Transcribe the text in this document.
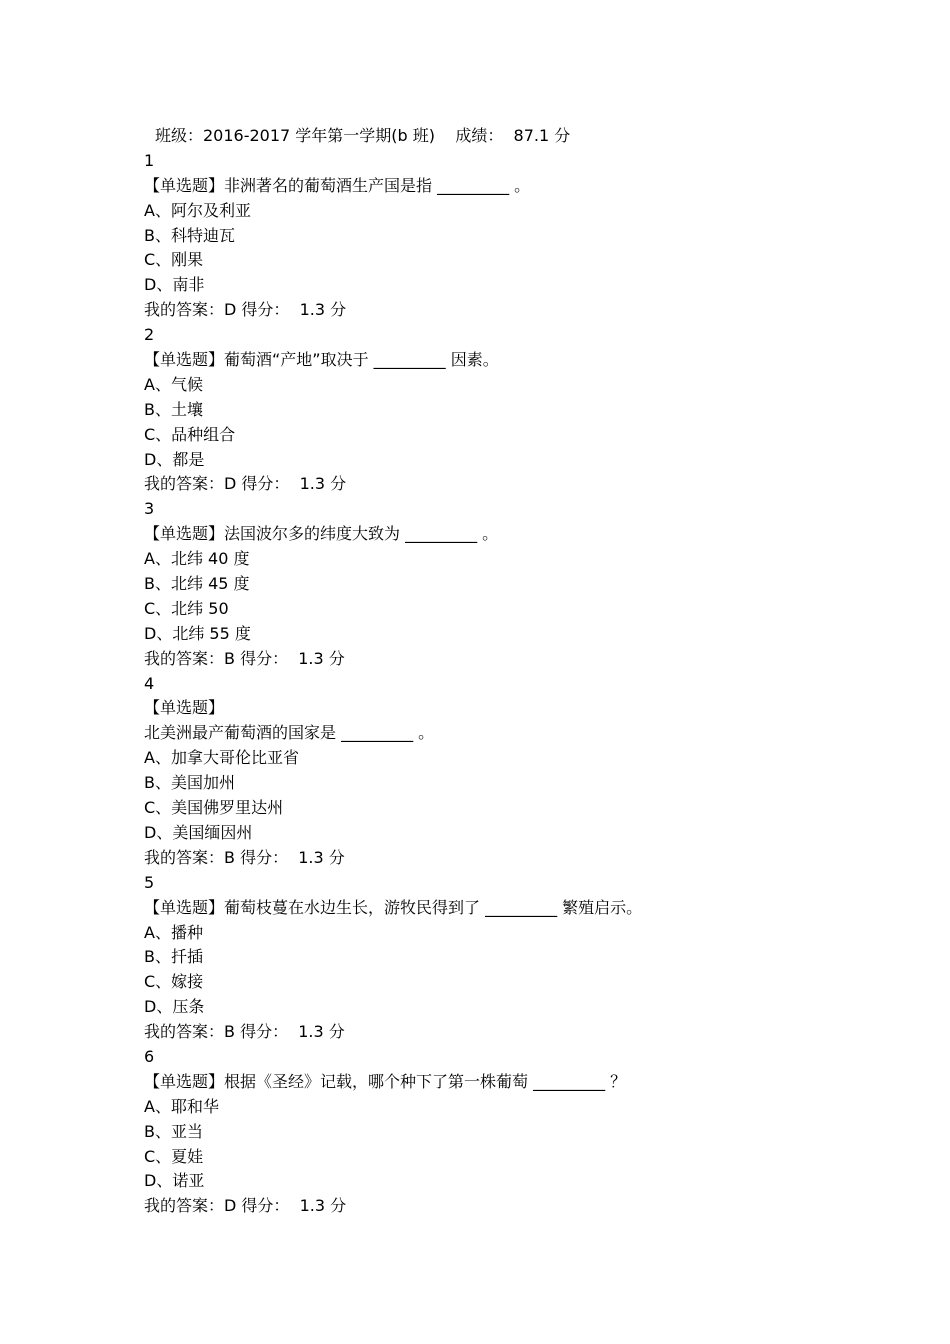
班级：2016-2017 学年第一学期(b 班)    成绩：  87.1 分
1
【单选题】非洲著名的葡萄酒生产国是指 _________ 。
A、阿尔及利亚
B、科特迪瓦
C、刚果
D、南非
我的答案：D 得分：  1.3 分
2
【单选题】葡萄酒“产地”取决于 _________ 因素。
A、气候
B、土壤
C、品种组合
D、都是
我的答案：D 得分：  1.3 分
3
【单选题】法国波尔多的纬度大致为 _________ 。
A、北纬 40 度
B、北纬 45 度
C、北纬 50
D、北纬 55 度
我的答案：B 得分：  1.3 分
4
【单选题】
北美洲最产葡萄酒的国家是 _________ 。
A、加拿大哥伦比亚省
B、美国加州
C、美国佛罗里达州
D、美国缅因州
我的答案：B 得分：  1.3 分
5
【单选题】葡萄枝蔓在水边生长，游牧民得到了 _________ 繁殖启示。
A、播种
B、扦插
C、嫁接
D、压条
我的答案：B 得分：  1.3 分
6
【单选题】根据《圣经》记载，哪个种下了第一株葡萄 _________ ？
A、耶和华
B、亚当
C、夏娃
D、诺亚
我的答案：D 得分：  1.3 分
